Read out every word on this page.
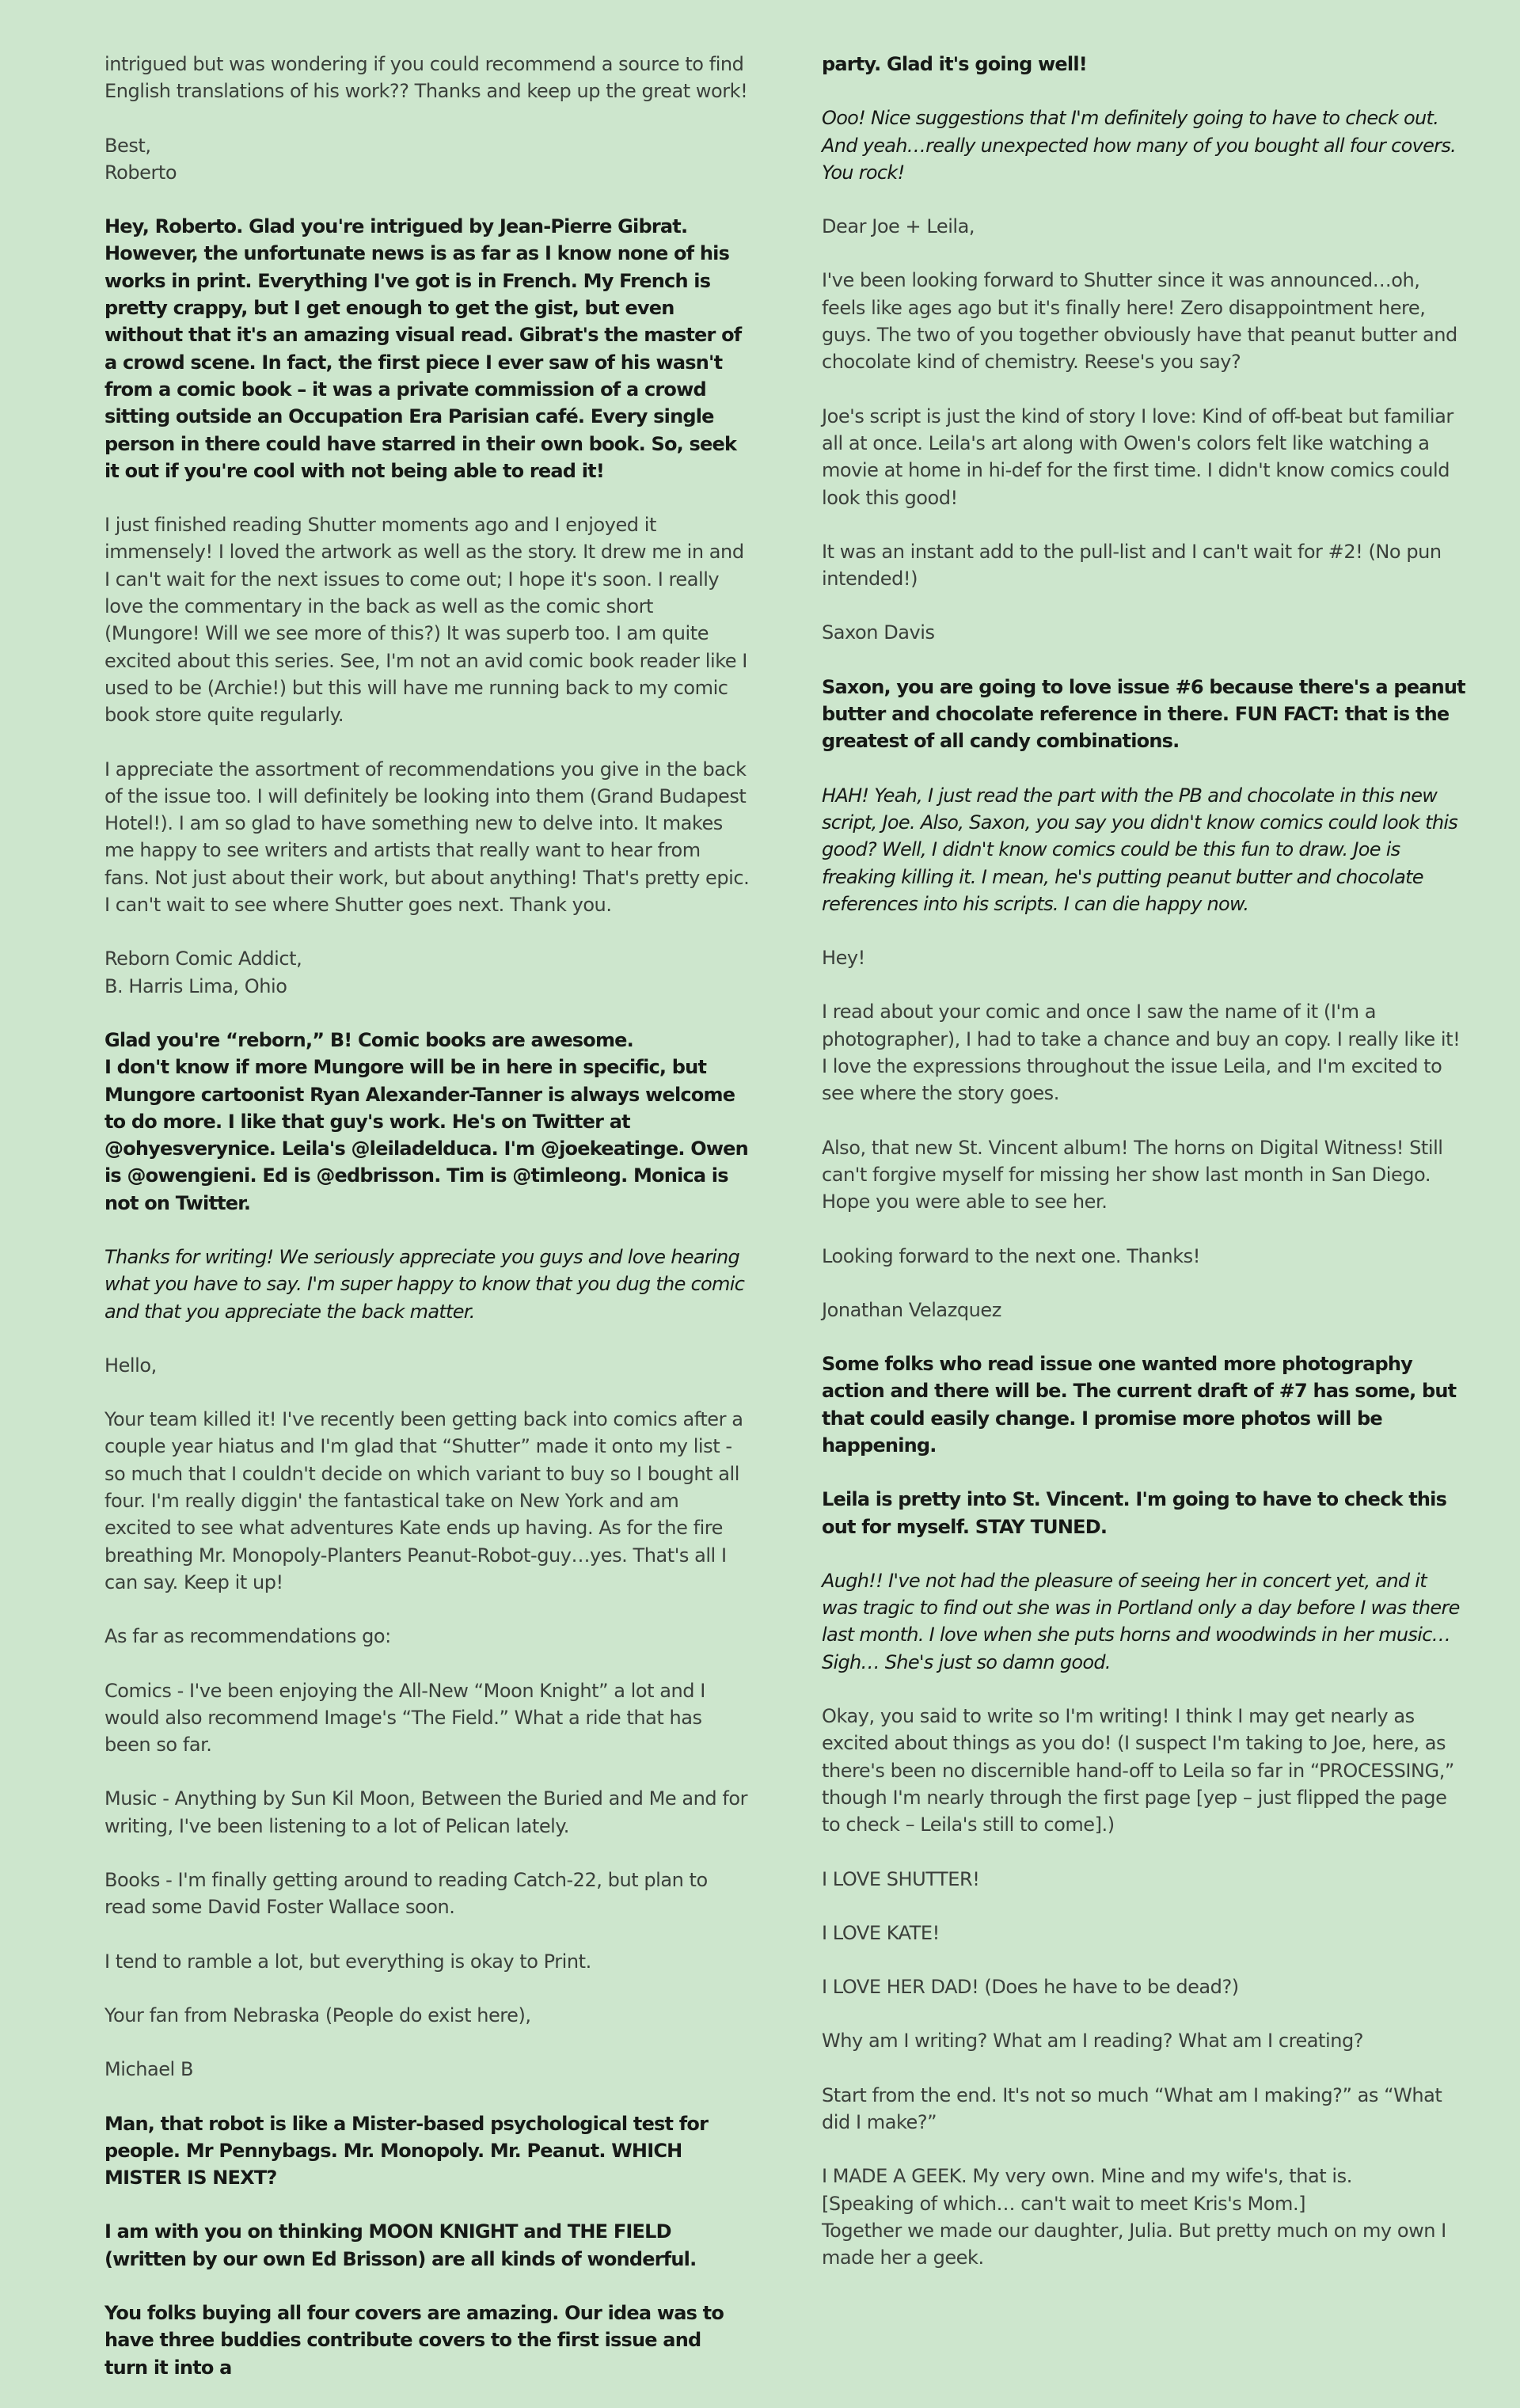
intrigued but was wondering if you could recommend a source to find English translations of his work?? Thanks and keep up the great work!

Best,
Roberto

Hey, Roberto. Glad you're intrigued by Jean-Pierre Gibrat. However, the unfortunate news is as far as I know none of his works in print. Everything I've got is in French. My French is pretty crappy, but I get enough to get the gist, but even without that it's an amazing visual read. Gibrat's the master of a crowd scene. In fact, the first piece I ever saw of his wasn't from a comic book – it was a private commission of a crowd sitting outside an Occupation Era Parisian café. Every single person in there could have starred in their own book. So, seek it out if you're cool with not being able to read it!

I just finished reading Shutter moments ago and I enjoyed it immensely! I loved the artwork as well as the story. It drew me in and I can't wait for the next issues to come out; I hope it's soon. I really love the commentary in the back as well as the comic short (Mungore! Will we see more of this?) It was superb too. I am quite excited about this series. See, I'm not an avid comic book reader like I used to be (Archie!) but this will have me running back to my comic book store quite regularly.

I appreciate the assortment of recommendations you give in the back of the issue too. I will definitely be looking into them (Grand Budapest Hotel!). I am so glad to have something new to delve into. It makes me happy to see writers and artists that really want to hear from fans. Not just about their work, but about anything! That's pretty epic. I can't wait to see where Shutter goes next. Thank you.

Reborn Comic Addict,
B. Harris Lima, Ohio

Glad you're “reborn,” B! Comic books are awesome.
I don't know if more Mungore will be in here in specific, but Mungore cartoonist Ryan Alexander-Tanner is always welcome to do more. I like that guy's work. He's on Twitter at @ohyesverynice. Leila's @leiladelduca. I'm @joekeatinge. Owen is @owengieni. Ed is @edbrisson. Tim is @timleong. Monica is not on Twitter.

Thanks for writing! We seriously appreciate you guys and love hearing what you have to say. I'm super happy to know that you dug the comic and that you appreciate the back matter.

Hello,

Your team killed it! I've recently been getting back into comics after a couple year hiatus and I'm glad that “Shutter” made it onto my list - so much that I couldn't decide on which variant to buy so I bought all four. I'm really diggin' the fantastical take on New York and am excited to see what adventures Kate ends up having. As for the fire breathing Mr. Monopoly-Planters Peanut-Robot-guy…yes. That's all I can say. Keep it up!

As far as recommendations go:

Comics - I've been enjoying the All-New “Moon Knight” a lot and I would also recommend Image's “The Field.” What a ride that has been so far.

Music - Anything by Sun Kil Moon, Between the Buried and Me and for writing, I've been listening to a lot of Pelican lately.

Books - I'm finally getting around to reading Catch-22, but plan to read some David Foster Wallace soon.

I tend to ramble a lot, but everything is okay to Print.

Your fan from Nebraska (People do exist here),

Michael B

Man, that robot is like a Mister-based psychological test for people. Mr Pennybags. Mr. Monopoly. Mr. Peanut. WHICH MISTER IS NEXT?

I am with you on thinking MOON KNIGHT and THE FIELD (written by our own Ed Brisson) are all kinds of wonderful.

You folks buying all four covers are amazing. Our idea was to have three buddies contribute covers to the first issue and turn it into a

party. Glad it's going well!

Ooo! Nice suggestions that I'm definitely going to have to check out. And yeah…really unexpected how many of you bought all four covers. You rock!

Dear Joe + Leila,

I've been looking forward to Shutter since it was announced…oh, feels like ages ago but it's finally here! Zero disappointment here, guys. The two of you together obviously have that peanut butter and chocolate kind of chemistry. Reese's you say?

Joe's script is just the kind of story I love: Kind of off-beat but familiar all at once. Leila's art along with Owen's colors felt like watching a movie at home in hi-def for the first time. I didn't know comics could look this good!

It was an instant add to the pull-list and I can't wait for #2! (No pun intended!)

Saxon Davis

Saxon, you are going to love issue #6 because there's a peanut butter and chocolate reference in there. FUN FACT: that is the greatest of all candy combinations.

HAH! Yeah, I just read the part with the PB and chocolate in this new script, Joe. Also, Saxon, you say you didn't know comics could look this good? Well, I didn't know comics could be this fun to draw. Joe is freaking killing it. I mean, he's putting peanut butter and chocolate references into his scripts. I can die happy now.

Hey!

I read about your comic and once I saw the name of it (I'm a photographer), I had to take a chance and buy an copy. I really like it! I love the expressions throughout the issue Leila, and I'm excited to see where the story goes.

Also, that new St. Vincent album! The horns on Digital Witness! Still can't forgive myself for missing her show last month in San Diego. Hope you were able to see her.

Looking forward to the next one. Thanks!

Jonathan Velazquez

Some folks who read issue one wanted more photography action and there will be. The current draft of #7 has some, but that could easily change. I promise more photos will be happening.

Leila is pretty into St. Vincent. I'm going to have to check this out for myself. STAY TUNED.

Augh!! I've not had the pleasure of seeing her in concert yet, and it was tragic to find out she was in Portland only a day before I was there last month. I love when she puts horns and woodwinds in her music…Sigh… She's just so damn good.

Okay, you said to write so I'm writing! I think I may get nearly as excited about things as you do! (I suspect I'm taking to Joe, here, as there's been no discernible hand-off to Leila so far in “PROCESSING,” though I'm nearly through the first page [yep – just flipped the page to check – Leila's still to come].)

I LOVE SHUTTER!

I LOVE KATE!

I LOVE HER DAD! (Does he have to be dead?)

Why am I writing? What am I reading? What am I creating?

Start from the end. It's not so much “What am I making?” as “What did I make?”

I MADE A GEEK. My very own. Mine and my wife's, that is.
[Speaking of which… can't wait to meet Kris's Mom.]
Together we made our daughter, Julia. But pretty much on my own I made her a geek.
